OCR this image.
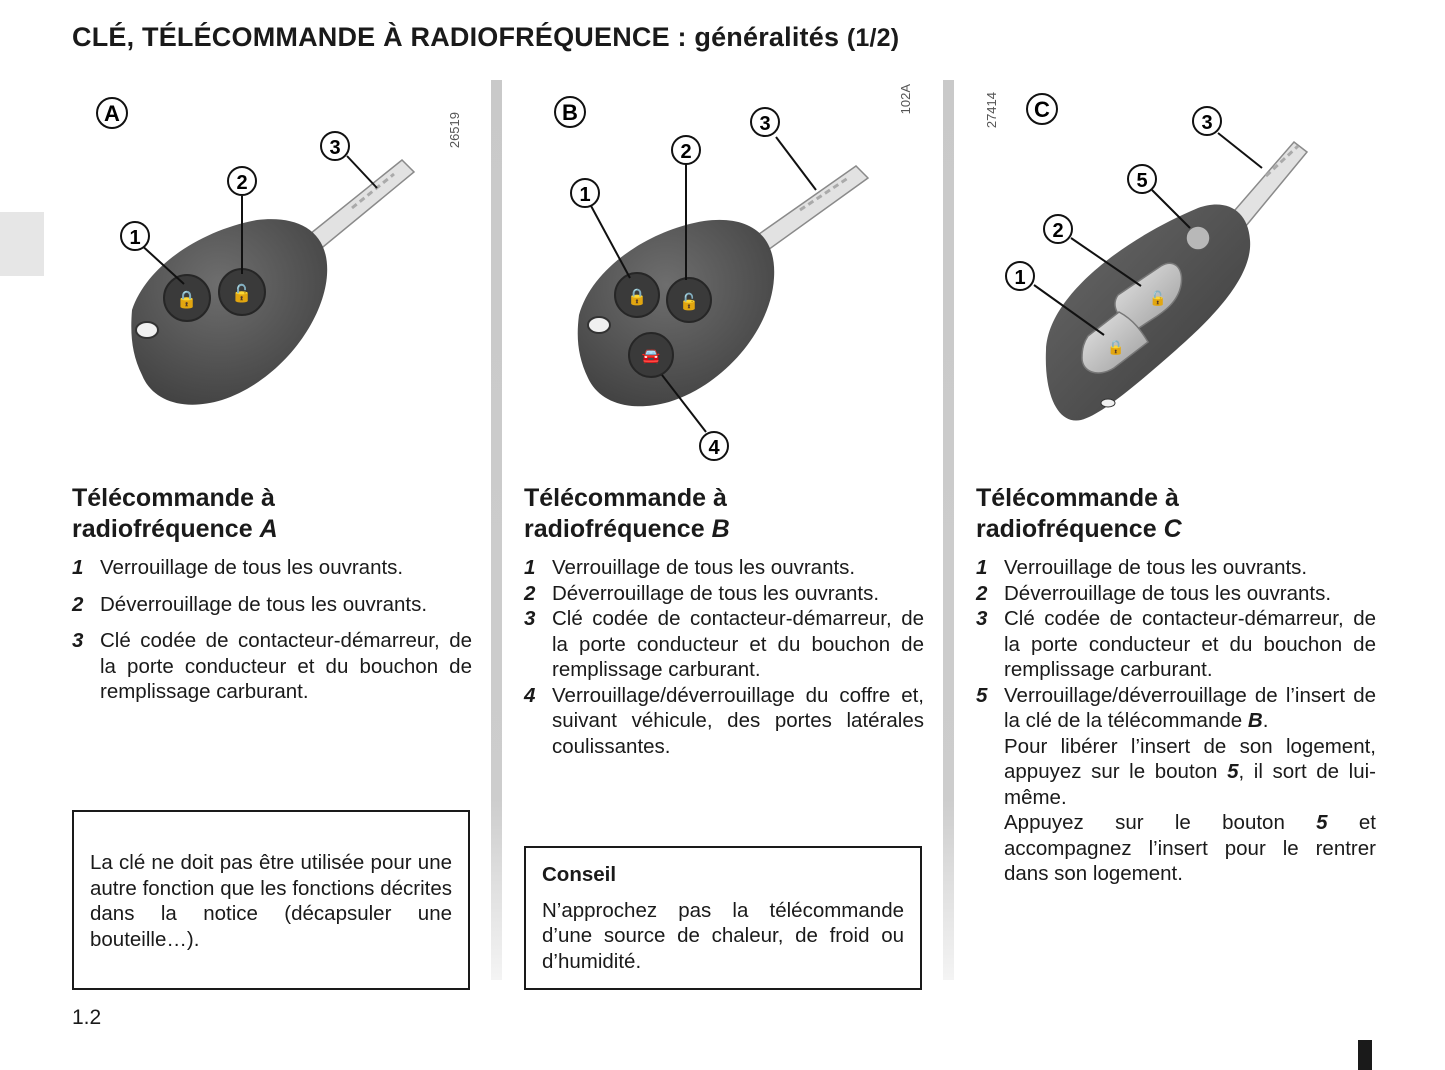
CLÉ, TÉLÉCOMMANDE À RADIOFRÉQUENCE : généralités (1/2)
🔒 🔓
A
1
2
3	26519
Télécommande à
radiofréquence A
1 Verrouillage de tous les ouvrants.
2 Déverrouillage de tous les ouvrants.
3 Clé codée de contacteur-démarreur, de la porte conducteur et du bouchon de remplissage carburant.

La clé ne doit pas être utilisée pour une autre fonction que les fonctions décrites dans la notice (décapsuler une bouteille…).

🔒 🔓
🚘
B
1
2
3
4
102A
Télécommande à
radiofréquence B
1 Verrouillage de tous les ouvrants.
2 Déverrouillage de tous les ouvrants.
3 Clé codée de contacteur-démarreur, de la porte conducteur et du bouchon de remplissage carburant.
4 Verrouillage/déverrouillage du coffre et, suivant véhicule, des portes latérales coulissantes.

Conseil

N’approchez pas la télécommande d’une source de chaleur, de froid ou d’humidité.

🔓
🔒
C
1
2
3
5
27414
Télécommande à
radiofréquence C
1 Verrouillage de tous les ouvrants.
2 Déverrouillage de tous les ouvrants.
3 Clé codée de contacteur-démarreur, de la porte conducteur et du bouchon de remplissage carburant.
5 Verrouillage/déverrouillage de l’insert de la clé de la télécommande B.
Pour libérer l’insert de son logement, appuyez sur le bouton 5, il sort de lui-même.
Appuyez sur le bouton 5 et accompagnez l’insert pour le rentrer dans son logement.
1.2
